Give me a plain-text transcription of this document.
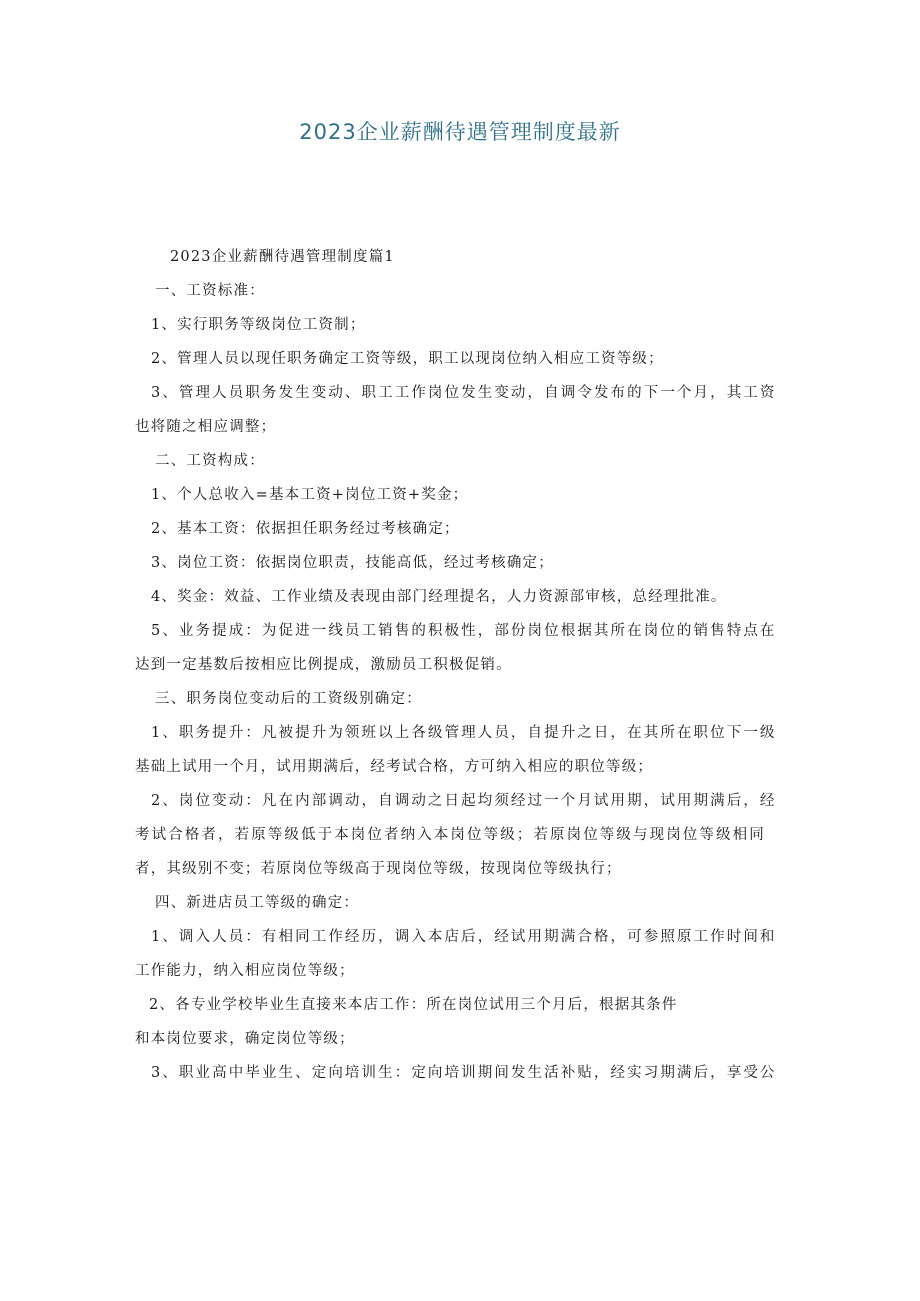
2023企业薪酬待遇管理制度最新
2023企业薪酬待遇管理制度篇1
一、工资标准：
1、实行职务等级岗位工资制；
2、管理人员以现任职务确定工资等级，职工以现岗位纳入相应工资等级；
3、管理人员职务发生变动、职工工作岗位发生变动，自调令发布的下一个月，其工资
也将随之相应调整；
二、工资构成：
1、个人总收入=基本工资+岗位工资+奖金；
2、基本工资：依据担任职务经过考核确定；
3、岗位工资：依据岗位职责，技能高低，经过考核确定；
4、奖金：效益、工作业绩及表现由部门经理提名，人力资源部审核，总经理批准。
5、业务提成：为促进一线员工销售的积极性，部份岗位根据其所在岗位的销售特点在
达到一定基数后按相应比例提成，激励员工积极促销。
三、职务岗位变动后的工资级别确定：
1、职务提升：凡被提升为领班以上各级管理人员，自提升之日，在其所在职位下一级
基础上试用一个月，试用期满后，经考试合格，方可纳入相应的职位等级；
2、岗位变动：凡在内部调动，自调动之日起均须经过一个月试用期，试用期满后，经
考试合格者，若原等级低于本岗位者纳入本岗位等级；若原岗位等级与现岗位等级相同
者，其级别不变；若原岗位等级高于现岗位等级，按现岗位等级执行；
四、新进店员工等级的确定：
1、调入人员：有相同工作经历，调入本店后，经试用期满合格，可参照原工作时间和
工作能力，纳入相应岗位等级；
2、各专业学校毕业生直接来本店工作：所在岗位试用三个月后，根据其条件
和本岗位要求，确定岗位等级；
3、职业高中毕业生、定向培训生：定向培训期间发生活补贴，经实习期满后，享受公
